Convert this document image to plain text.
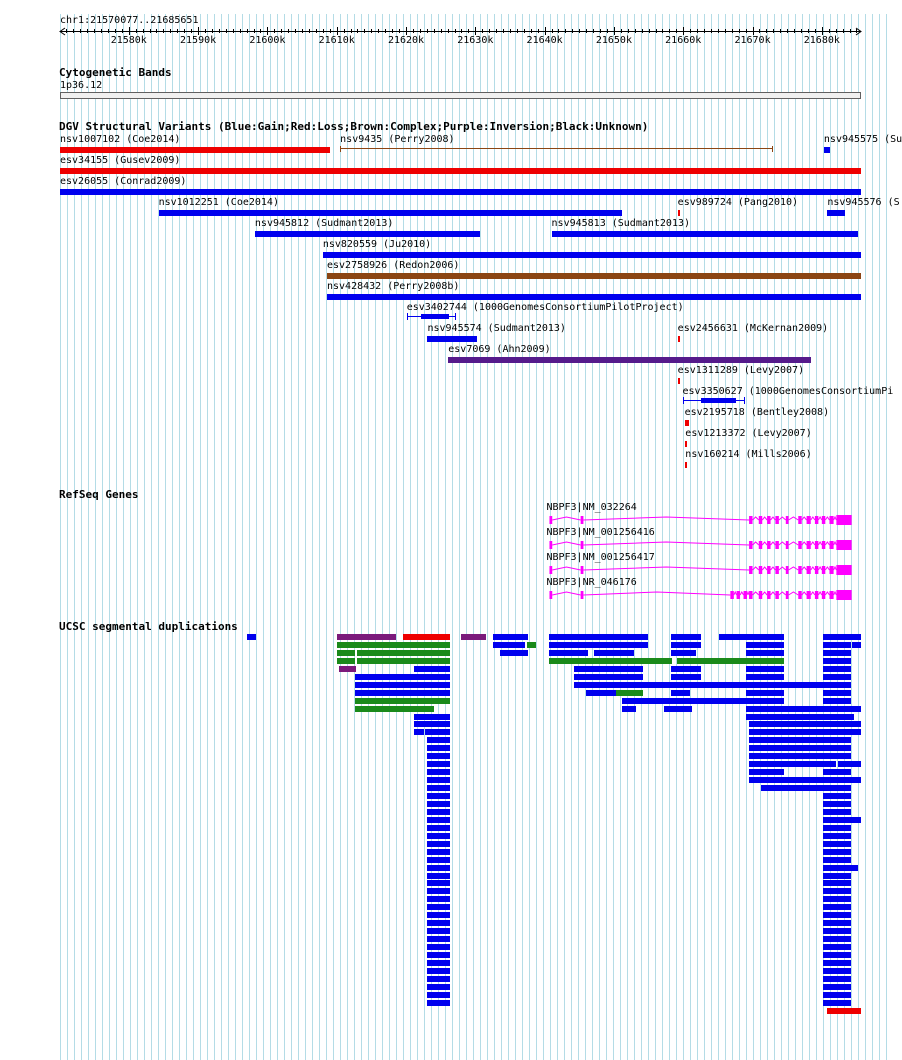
chr1:21570077..21685651
Cytogenetic Bands
1p36.12
DGV Structural Variants (Blue:Gain;Red:Loss;Brown:Complex;Purple:Inversion;Black:Unknown)
nsv1007102 (Coe2014)	nsv9435 (Perry2008)	nsv945575 (Su
esv34155 (Gusev2009)
esv26055 (Conrad2009)
nsv1012251 (Coe2014)	esv989724 (Pang2010)	nsv945576 (S
nsv945812 (Sudmant2013)	nsv945813 (Sudmant2013)
nsv820559 (Ju2010)
esv2758926 (Redon2006)
nsv428432 (Perry2008b)
esv3402744 (1000GenomesConsortiumPilotProject)
nsv945574 (Sudmant2013)	esv2456631 (McKernan2009)
esv7069 (Ahn2009)
esv1311289 (Levy2007)
esv3350627 (1000GenomesConsortiumPi
esv2195718 (Bentley2008)
esv1213372 (Levy2007)
nsv160214 (Mills2006)
RefSeq Genes
NBPF3|NM_032264
NBPF3|NM_001256416
NBPF3|NM_001256417
NBPF3|NR_046176
UCSC segmental duplications
21580k	21590k	21600k	21610k	21620k	21630k	21640k	21650k	21660k	21670k	21680k
